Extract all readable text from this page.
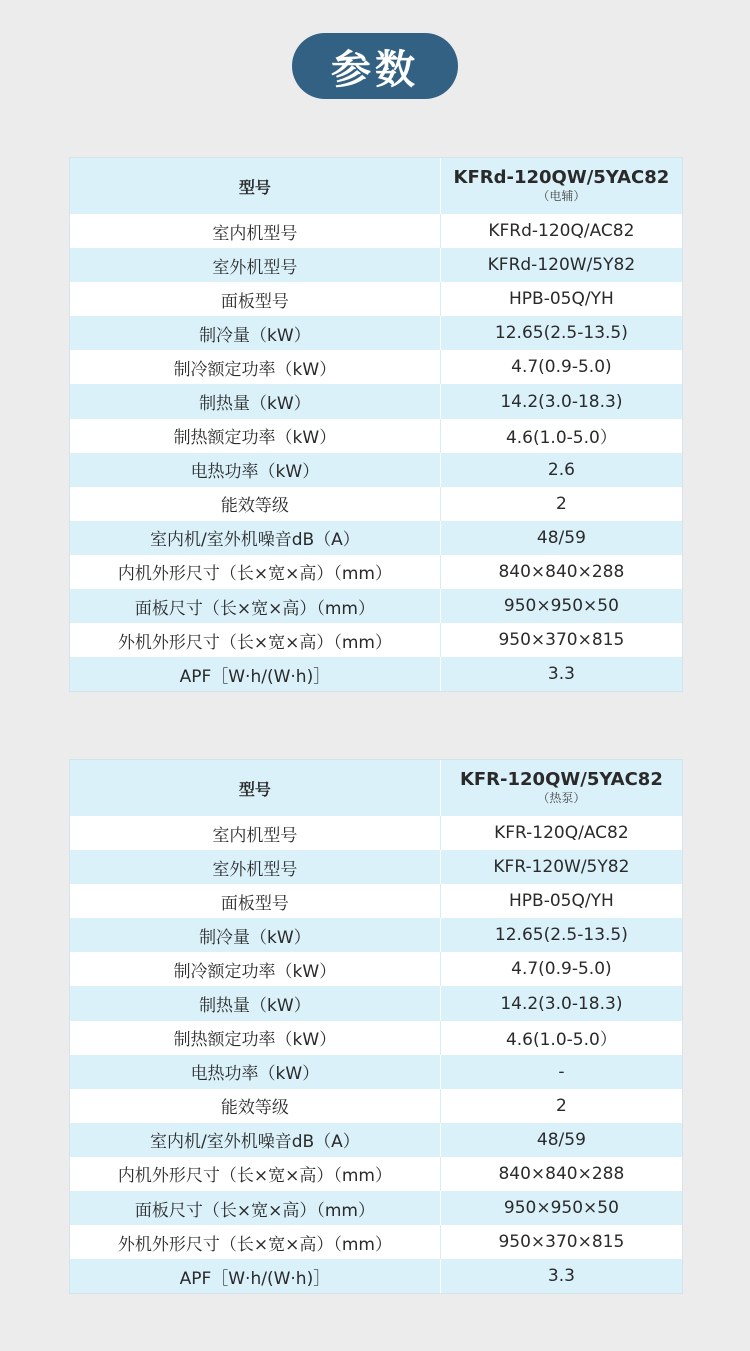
参数
型号	KFRd-120QW/5YAC82
（电辅）
室内机型号	KFRd-120Q/AC82
室外机型号	KFRd-120W/5Y82
面板型号	HPB-05Q/YH
制冷量（kW）	12.65(2.5-13.5)
制冷额定功率（kW）	4.7(0.9-5.0)
制热量（kW）	14.2(3.0-18.3)
制热额定功率（kW）	4.6(1.0-5.0）
电热功率（kW）	2.6
能效等级	2
室内机/室外机噪音dB（A）	48/59
内机外形尺寸（长×宽×高）（mm）	840×840×288
面板尺寸（长×宽×高）（mm）	950×950×50
外机外形尺寸（长×宽×高）（mm）	950×370×815
APF［W·h/(W·h)］	3.3
型号	KFR-120QW/5YAC82
（热泵）
室内机型号	KFR-120Q/AC82
室外机型号	KFR-120W/5Y82
面板型号	HPB-05Q/YH
制冷量（kW）	12.65(2.5-13.5)
制冷额定功率（kW）	4.7(0.9-5.0)
制热量（kW）	14.2(3.0-18.3)
制热额定功率（kW）	4.6(1.0-5.0）
电热功率（kW）	-
能效等级	2
室内机/室外机噪音dB（A）	48/59
内机外形尺寸（长×宽×高）（mm）	840×840×288
面板尺寸（长×宽×高）（mm）	950×950×50
外机外形尺寸（长×宽×高）（mm）	950×370×815
APF［W·h/(W·h)］	3.3
